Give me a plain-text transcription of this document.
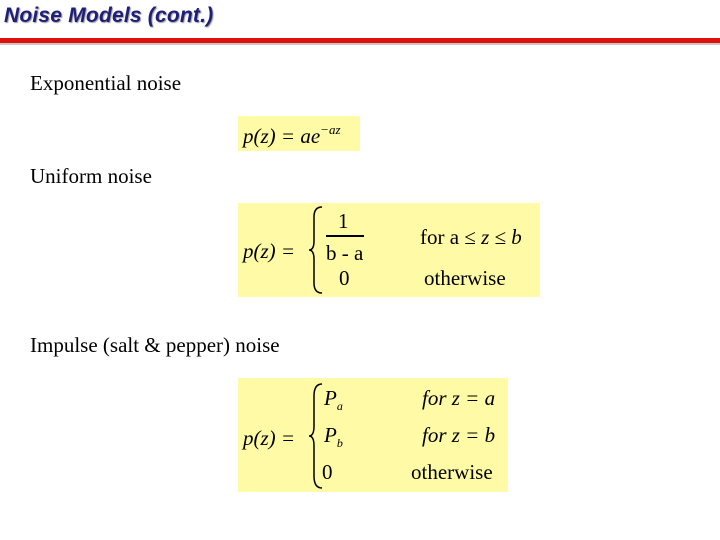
Noise Models (cont.)
Exponential noise
$p(z) = ae^{-az}$
Uniform noise
p(z) =
1
b - a
0
for a ≤ z ≤ b
otherwise
Impulse (salt & pepper) noise
p(z) =
$P_a$
$P_b$
0
for z = a
for z = b
otherwise
